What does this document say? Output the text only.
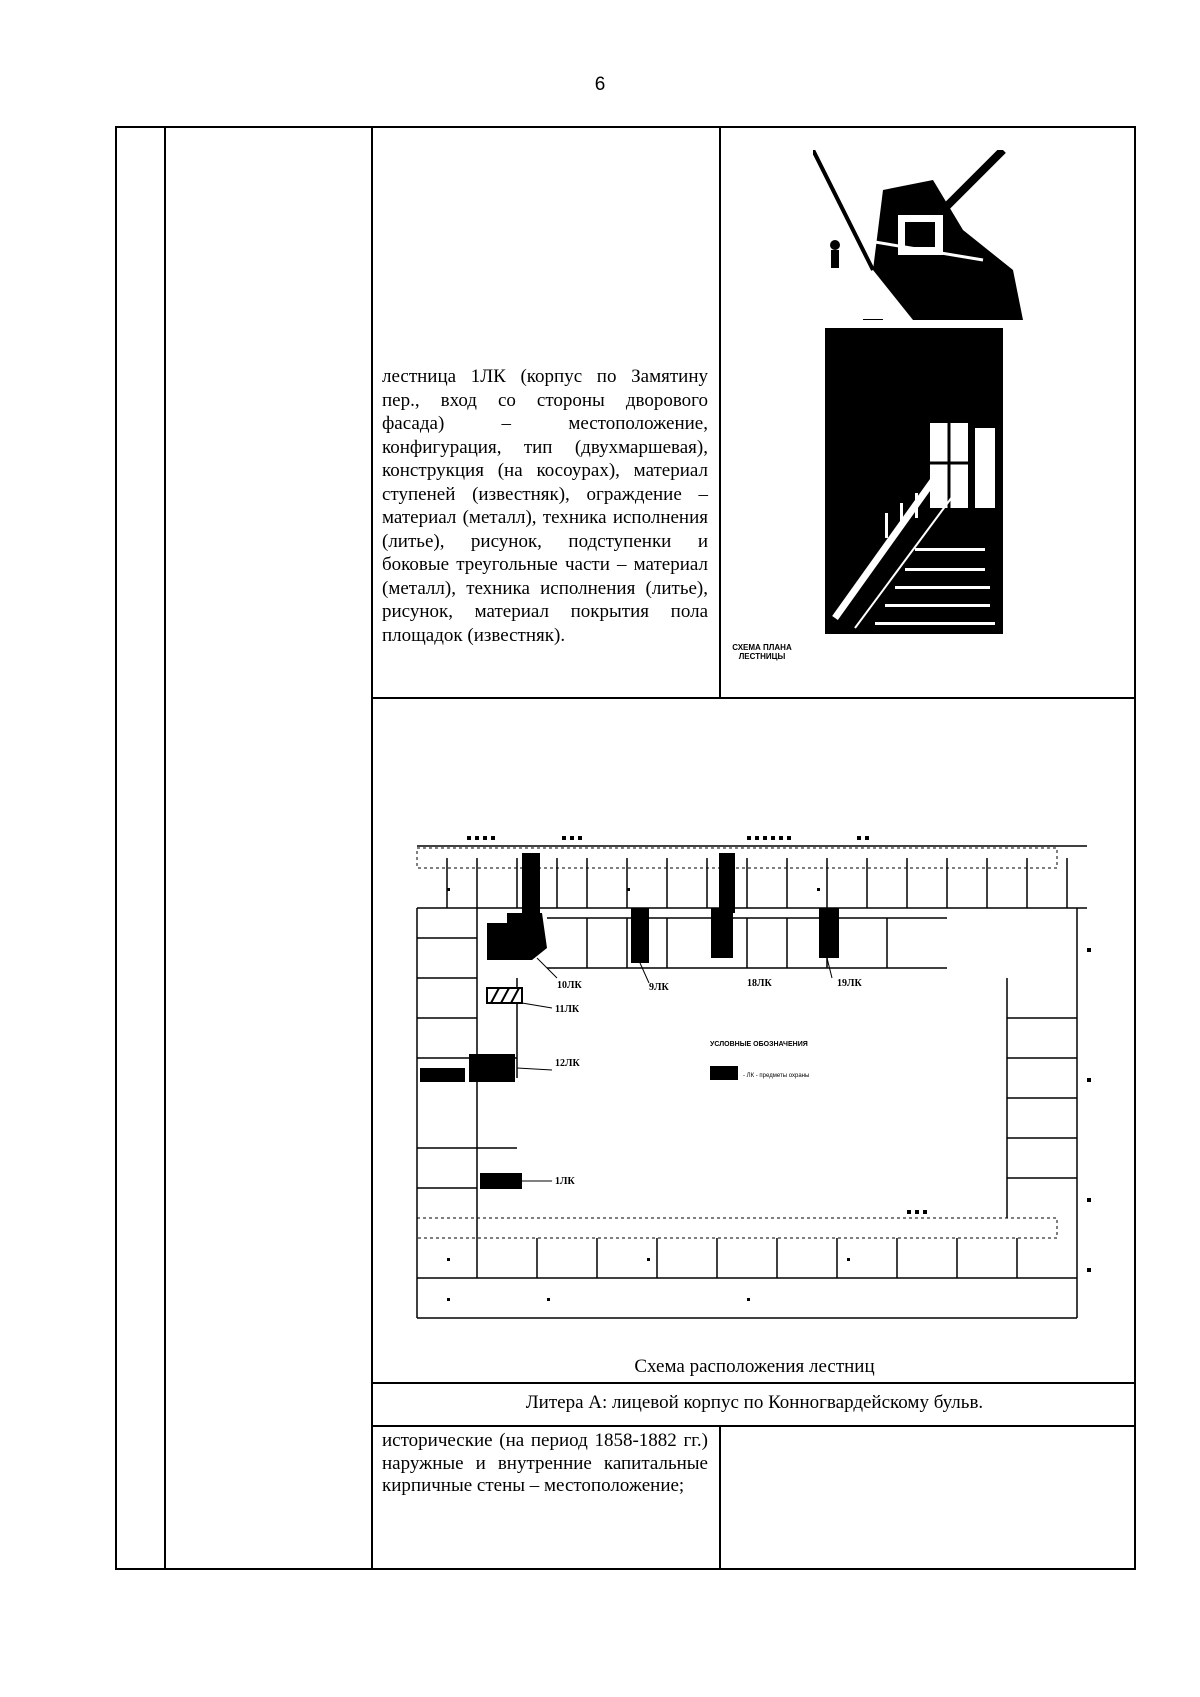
6
лестница 1ЛК (корпус по Замятину пер., вход со стороны дворового фасада) – местоположение, конфигурация, тип (двухмаршевая), конструкция (на косоурах), материал ступеней (известняк), ограждение – материал (металл), техника исполнения (литье), рисунок, подступенки и боковые треугольные части – материал (металл), техника исполнения (литье), рисунок, материал покрытия пола площадок (известняк).
СХЕМА ПЛАНА
ЛЕСТНИЦЫ
10ЛК	9ЛК	18ЛК	19ЛК
11ЛК
12ЛК
1ЛК
УСЛОВНЫЕ ОБОЗНАЧЕНИЯ
- ЛК - предметы охраны
Схема расположения лестниц
Литера А: лицевой корпус по Конногвардейскому бульв.
исторические (на период 1858-1882 гг.) наружные и внутренние капитальные кирпичные стены – местоположение;
